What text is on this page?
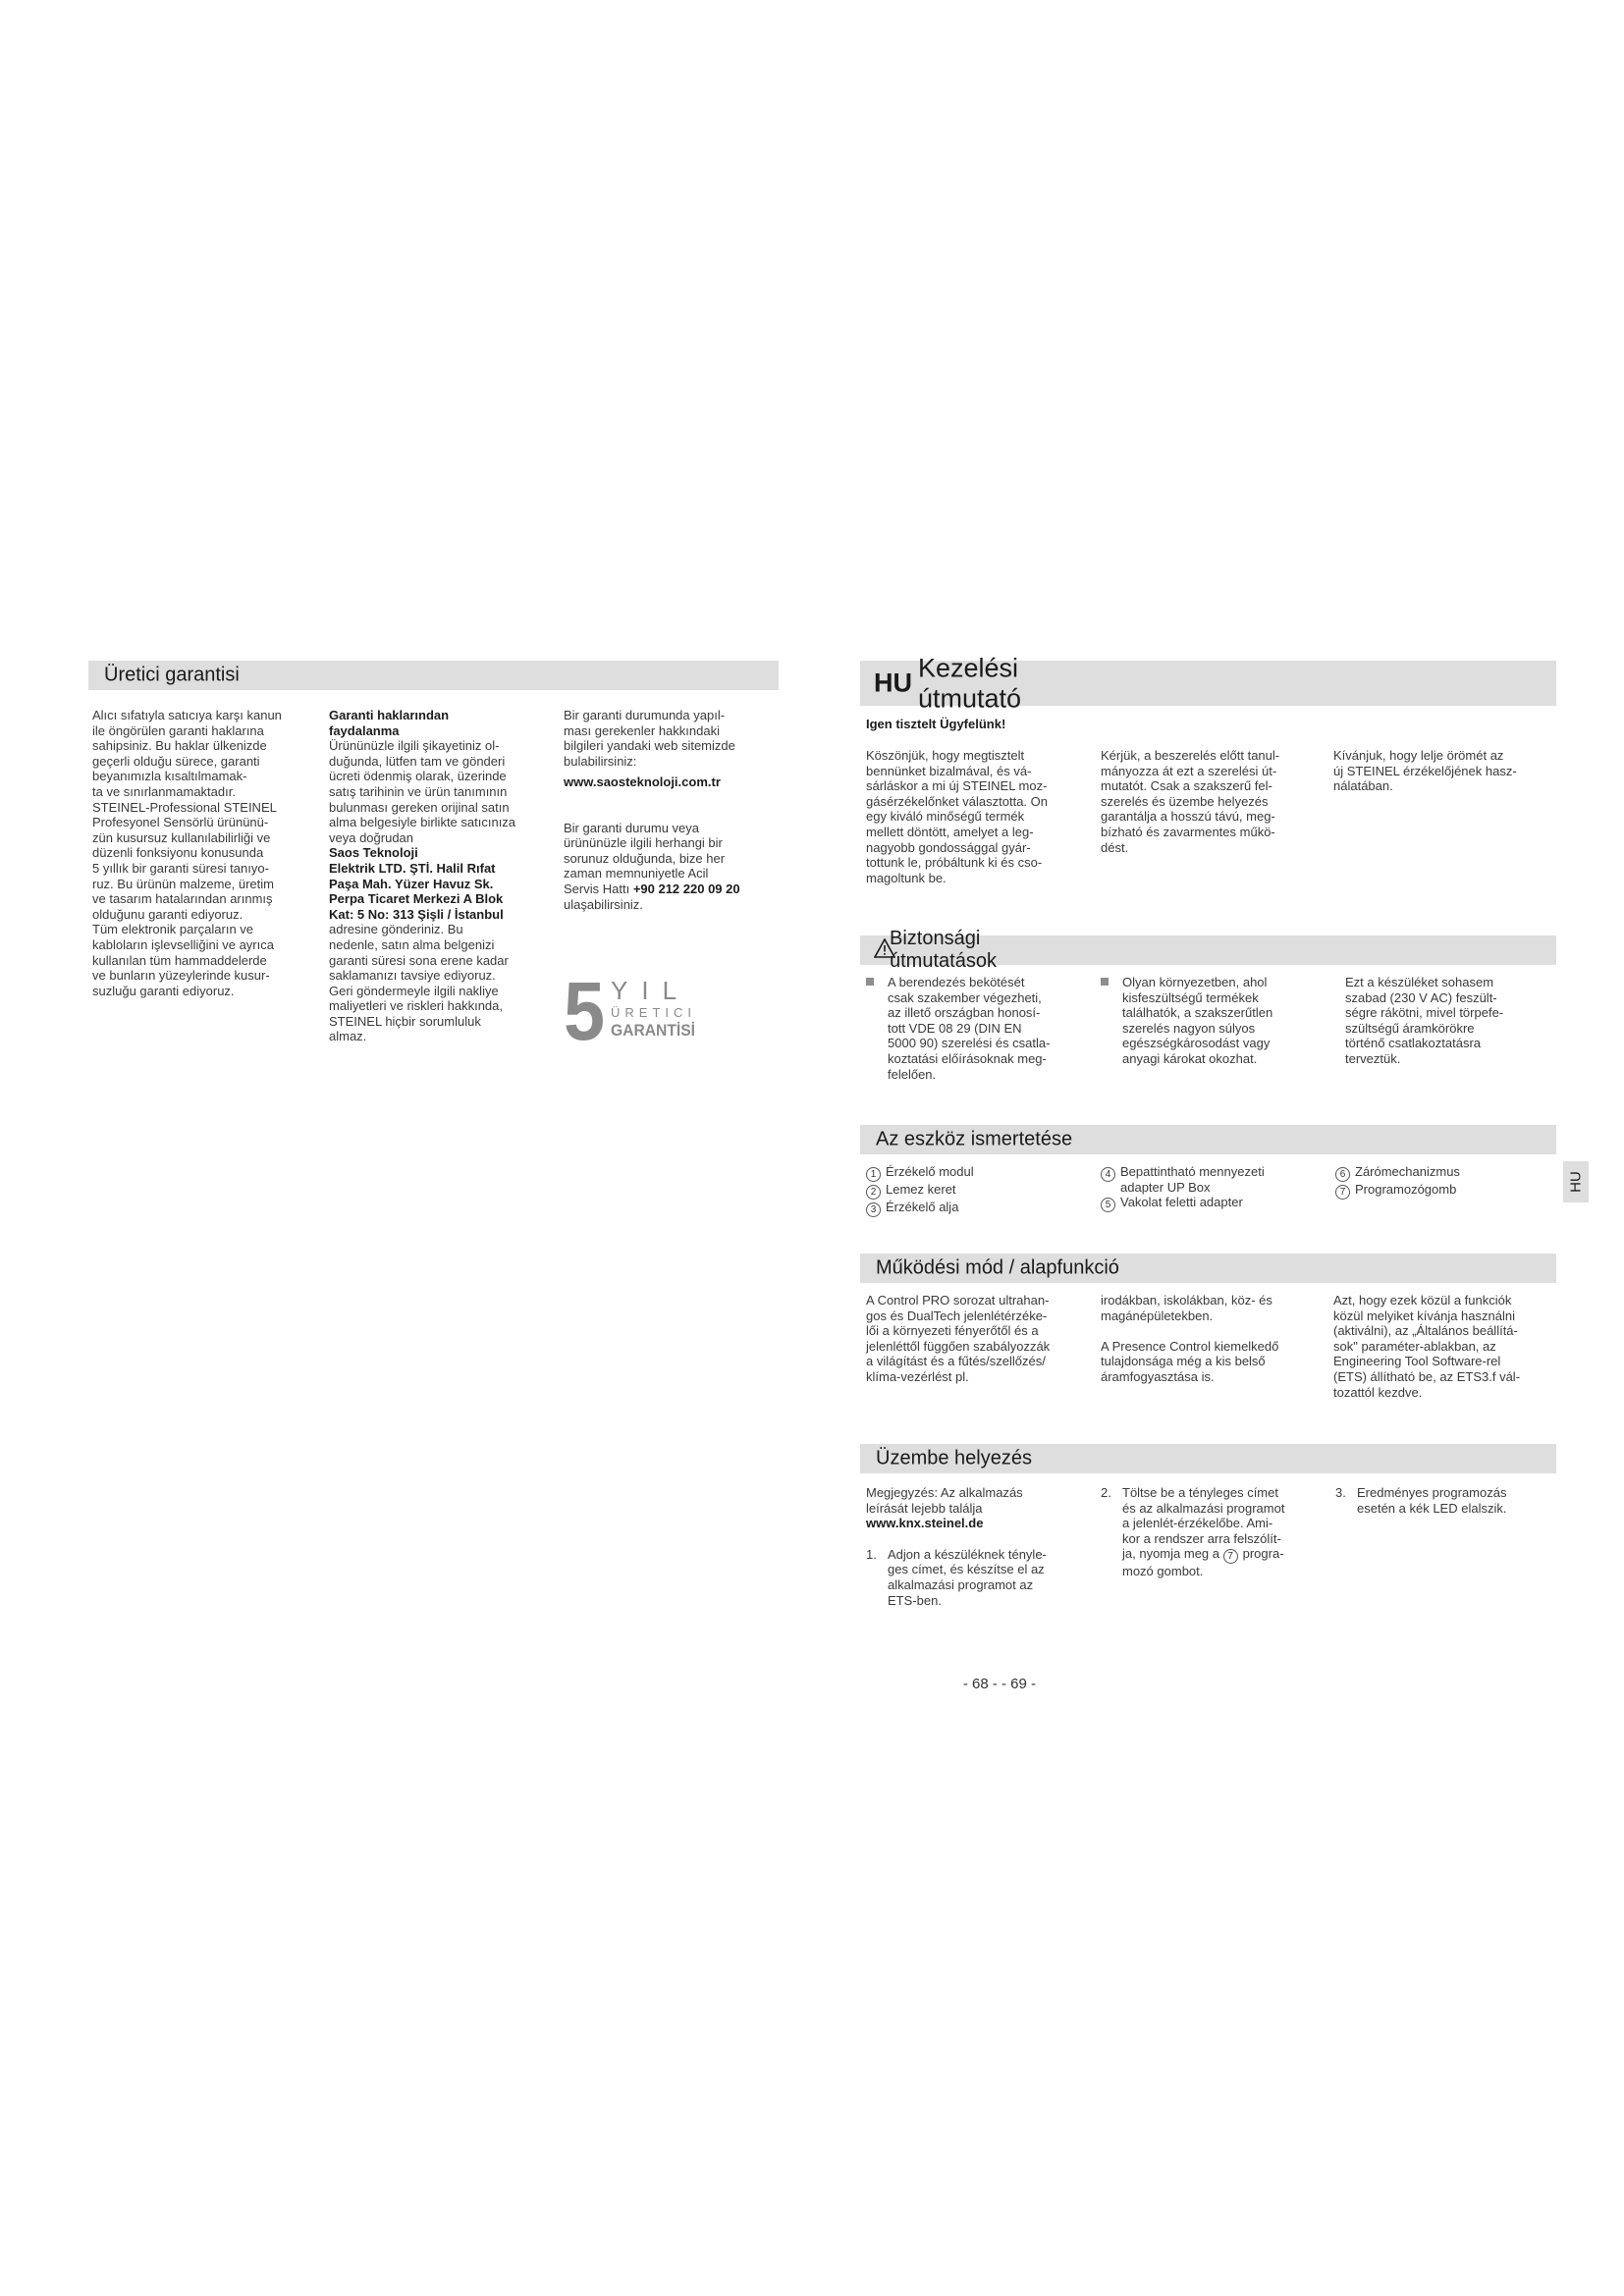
Üretici garantisi

Alıcı sıfatıyla satıcıya karşı kanun
ile öngörülen garanti haklarına
sahipsiniz. Bu haklar ülkenizde
geçerli olduğu sürece, garanti
beyanımızla kısaltılmamak-
ta ve sınırlanmamaktadır.
STEINEL-Professional STEINEL
Profesyonel Sensörlü ürününü-
zün kusursuz kullanılabilirliği ve
düzenli fonksiyonu konusunda
5 yıllık bir garanti süresi tanıyo-
ruz. Bu ürünün malzeme, üretim
ve tasarım hatalarından arınmış
olduğunu garanti ediyoruz.
Tüm elektronik parçaların ve
kabloların işlevselliğini ve ayrıca
kullanılan tüm hammaddelerde
ve bunların yüzeylerinde kusur-
suzluğu garanti ediyoruz.

Garanti haklarından
faydalanma

Ürününüzle ilgili şikayetiniz ol-
duğunda, lütfen tam ve gönderi
ücreti ödenmiş olarak, üzerinde
satış tarihinin ve ürün tanımının
bulunması gereken orijinal satın
alma belgesiyle birlikte satıcınıza
veya doğrudan

Saos Teknoloji
Elektrik LTD. ŞTİ. Halil Rıfat
Paşa Mah. Yüzer Havuz Sk.
Perpa Ticaret Merkezi A Blok
Kat: 5 No: 313 Şişli / İstanbul

adresine gönderiniz. Bu
nedenle, satın alma belgenizi
garanti süresi sona erene kadar
saklamanızı tavsiye ediyoruz.
Geri göndermeyle ilgili nakliye
maliyetleri ve riskleri hakkında,
STEINEL hiçbir sorumluluk
almaz.

Bir garanti durumunda yapıl-
ması gerekenler hakkındaki
bilgileri yandaki web sitemizde
bulabilirsiniz:

www.saosteknoloji.com.tr

Bir garanti durumu veya
ürününüzle ilgili herhangi bir
sorunuz olduğunda, bize her
zaman memnuniyetle Acil
Servis Hattı +90 212 220 09 20
ulaşabilirsiniz.

5 YIL
ÜRETICI
GARANTİSİ
HU
Kezelési útmutató

Igen tisztelt Ügyfelünk!

Köszönjük, hogy megtisztelt
bennünket bizalmával, és vá-
sárláskor a mi új STEINEL moz-
gásérzékelőnket választotta. On
egy kiváló minőségű termék
mellett döntött, amelyet a leg-
nagyobb gondossággal gyár-
tottunk le, próbáltunk ki és cso-
magoltunk be.

Kérjük, a beszerelés előtt tanul-
mányozza át ezt a szerelési út-
mutatót. Csak a szakszerű fel-
szerelés és üzembe helyezés
garantálja a hosszú távú, meg-
bízható és zavarmentes műkö-
dést.

Kívánjuk, hogy lelje örömét az
új STEINEL érzékelőjének hasz-
nálatában.

Biztonsági útmutatások
A berendezés bekötését
csak szakember végezheti,
az illető országban honosí-
tott VDE 08 29 (DIN EN
5000 90) szerelési és csatla-
koztatási előírásoknak meg-
felelően.
Olyan környezetben, ahol
kisfeszültségű termékek
találhatók, a szakszerűtlen
szerelés nagyon súlyos
egészségkárosodást vagy
anyagi károkat okozhat.

Ezt a készüléket sohasem
szabad (230 V AC) feszült-
ségre rákötni, mivel törpefe-
szültségű áramkörökre
történő csatlakoztatásra
terveztük.

Az eszköz ismertetése
1 Érzékelő modul
2 Lemez keret
3 Érzékelő alja
4 Bepattintható mennyezeti
adapter UP Box
5 Vakolat feletti adapter
6 Zárómechanizmus
7 Programozógomb	HU
Működési mód / alapfunkció

A Control PRO sorozat ultrahan-
gos és DualTech jelenlétérzéke-
lői a környezeti fényerőtől és a
jelenléttől függően szabályozzák
a világítást és a fűtés/szellőzés/
klíma-vezérlést pl.

irodákban, iskolákban, köz- és
magánépületekben.

A Presence Control kiemelkedő
tulajdonsága még a kis belső
áramfogyasztása is.

Azt, hogy ezek közül a funkciók
közül melyiket kívánja használni
(aktiválni), az „Általános beállítá-
sok" paraméter-ablakban, az
Engineering Tool Software-rel
(ETS) állítható be, az ETS3.f vál-
tozattól kezdve.

Üzembe helyezés

Megjegyzés: Az alkalmazás
leírását lejebb találja

www.knx.steinel.de

1. Adjon a készüléknek tényle-
ges címet, és készítse el az
alkalmazási programot az
ETS-ben.
2. Töltse be a tényleges címet
és az alkalmazási programot
a jelenlét-érzékelőbe. Ami-
kor a rendszer arra felszólít-
ja, nyomja meg a 7 progra-
mozó gombot.
3. Eredményes programozás
esetén a kék LED elalszik.
- 68 - - 69 -
